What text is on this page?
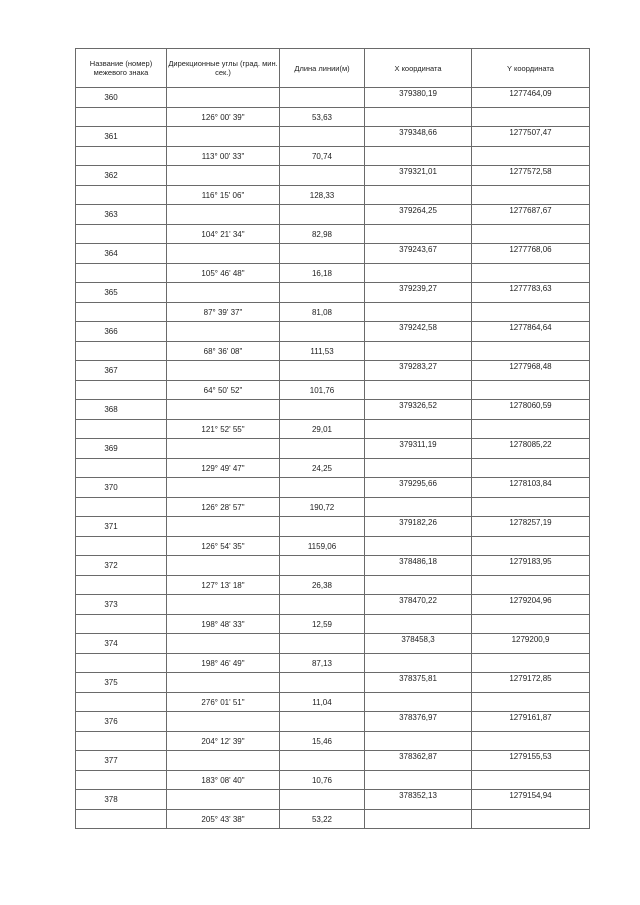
Название (номер) межевого знака	Дирекционные углы (град. мин. сек.)	Длина линии(м)	X координата	Y координата
360			379380,19	1277464,09
	126° 00' 39"	53,63		
361			379348,66	1277507,47
	113° 00' 33"	70,74		
362			379321,01	1277572,58
	116° 15' 06"	128,33		
363			379264,25	1277687,67
	104° 21' 34"	82,98		
364			379243,67	1277768,06
	105° 46' 48"	16,18		
365			379239,27	1277783,63
	87° 39' 37"	81,08		
366			379242,58	1277864,64
	68° 36' 08"	111,53		
367			379283,27	1277968,48
	64° 50' 52"	101,76		
368			379326,52	1278060,59
	121° 52' 55"	29,01		
369			379311,19	1278085,22
	129° 49' 47"	24,25		
370			379295,66	1278103,84
	126° 28' 57"	190,72		
371			379182,26	1278257,19
	126° 54' 35"	1159,06		
372			378486,18	1279183,95
	127° 13' 18"	26,38		
373			378470,22	1279204,96
	198° 48' 33"	12,59		
374			378458,3	1279200,9
	198° 46' 49"	87,13		
375			378375,81	1279172,85
	276° 01' 51"	11,04		
376			378376,97	1279161,87
	204° 12' 39"	15,46		
377			378362,87	1279155,53
	183° 08' 40"	10,76		
378			378352,13	1279154,94
	205° 43' 38"	53,22		
